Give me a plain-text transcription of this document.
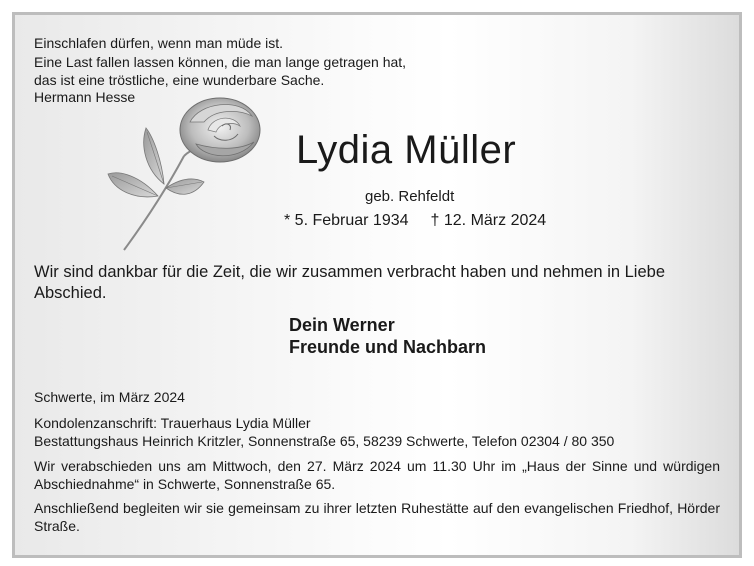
Einschlafen dürfen, wenn man müde ist.
Eine Last fallen lassen können, die man lange getragen hat,
das ist eine tröstliche, eine wunderbare Sache.
Hermann Hesse
Lydia Müller
geb. Rehfeldt
* 5. Februar 1934 † 12. März 2024
Wir sind dankbar für die Zeit, die wir zusammen verbracht haben und nehmen in Liebe Abschied.
Dein Werner
Freunde und Nachbarn
Schwerte, im März 2024
Kondolenzanschrift: Trauerhaus Lydia Müller
Bestattungshaus Heinrich Kritzler, Sonnenstraße 65, 58239 Schwerte, Telefon 02304 / 80 350
Wir verabschieden uns am Mittwoch, den 27. März 2024 um 11.30 Uhr im „Haus der Sinne und würdigen Abschiednahme“ in Schwerte, Sonnenstraße 65.
Anschließend begleiten wir sie gemeinsam zu ihrer letzten Ruhestätte auf den evangelischen Friedhof, Hörder Straße.
